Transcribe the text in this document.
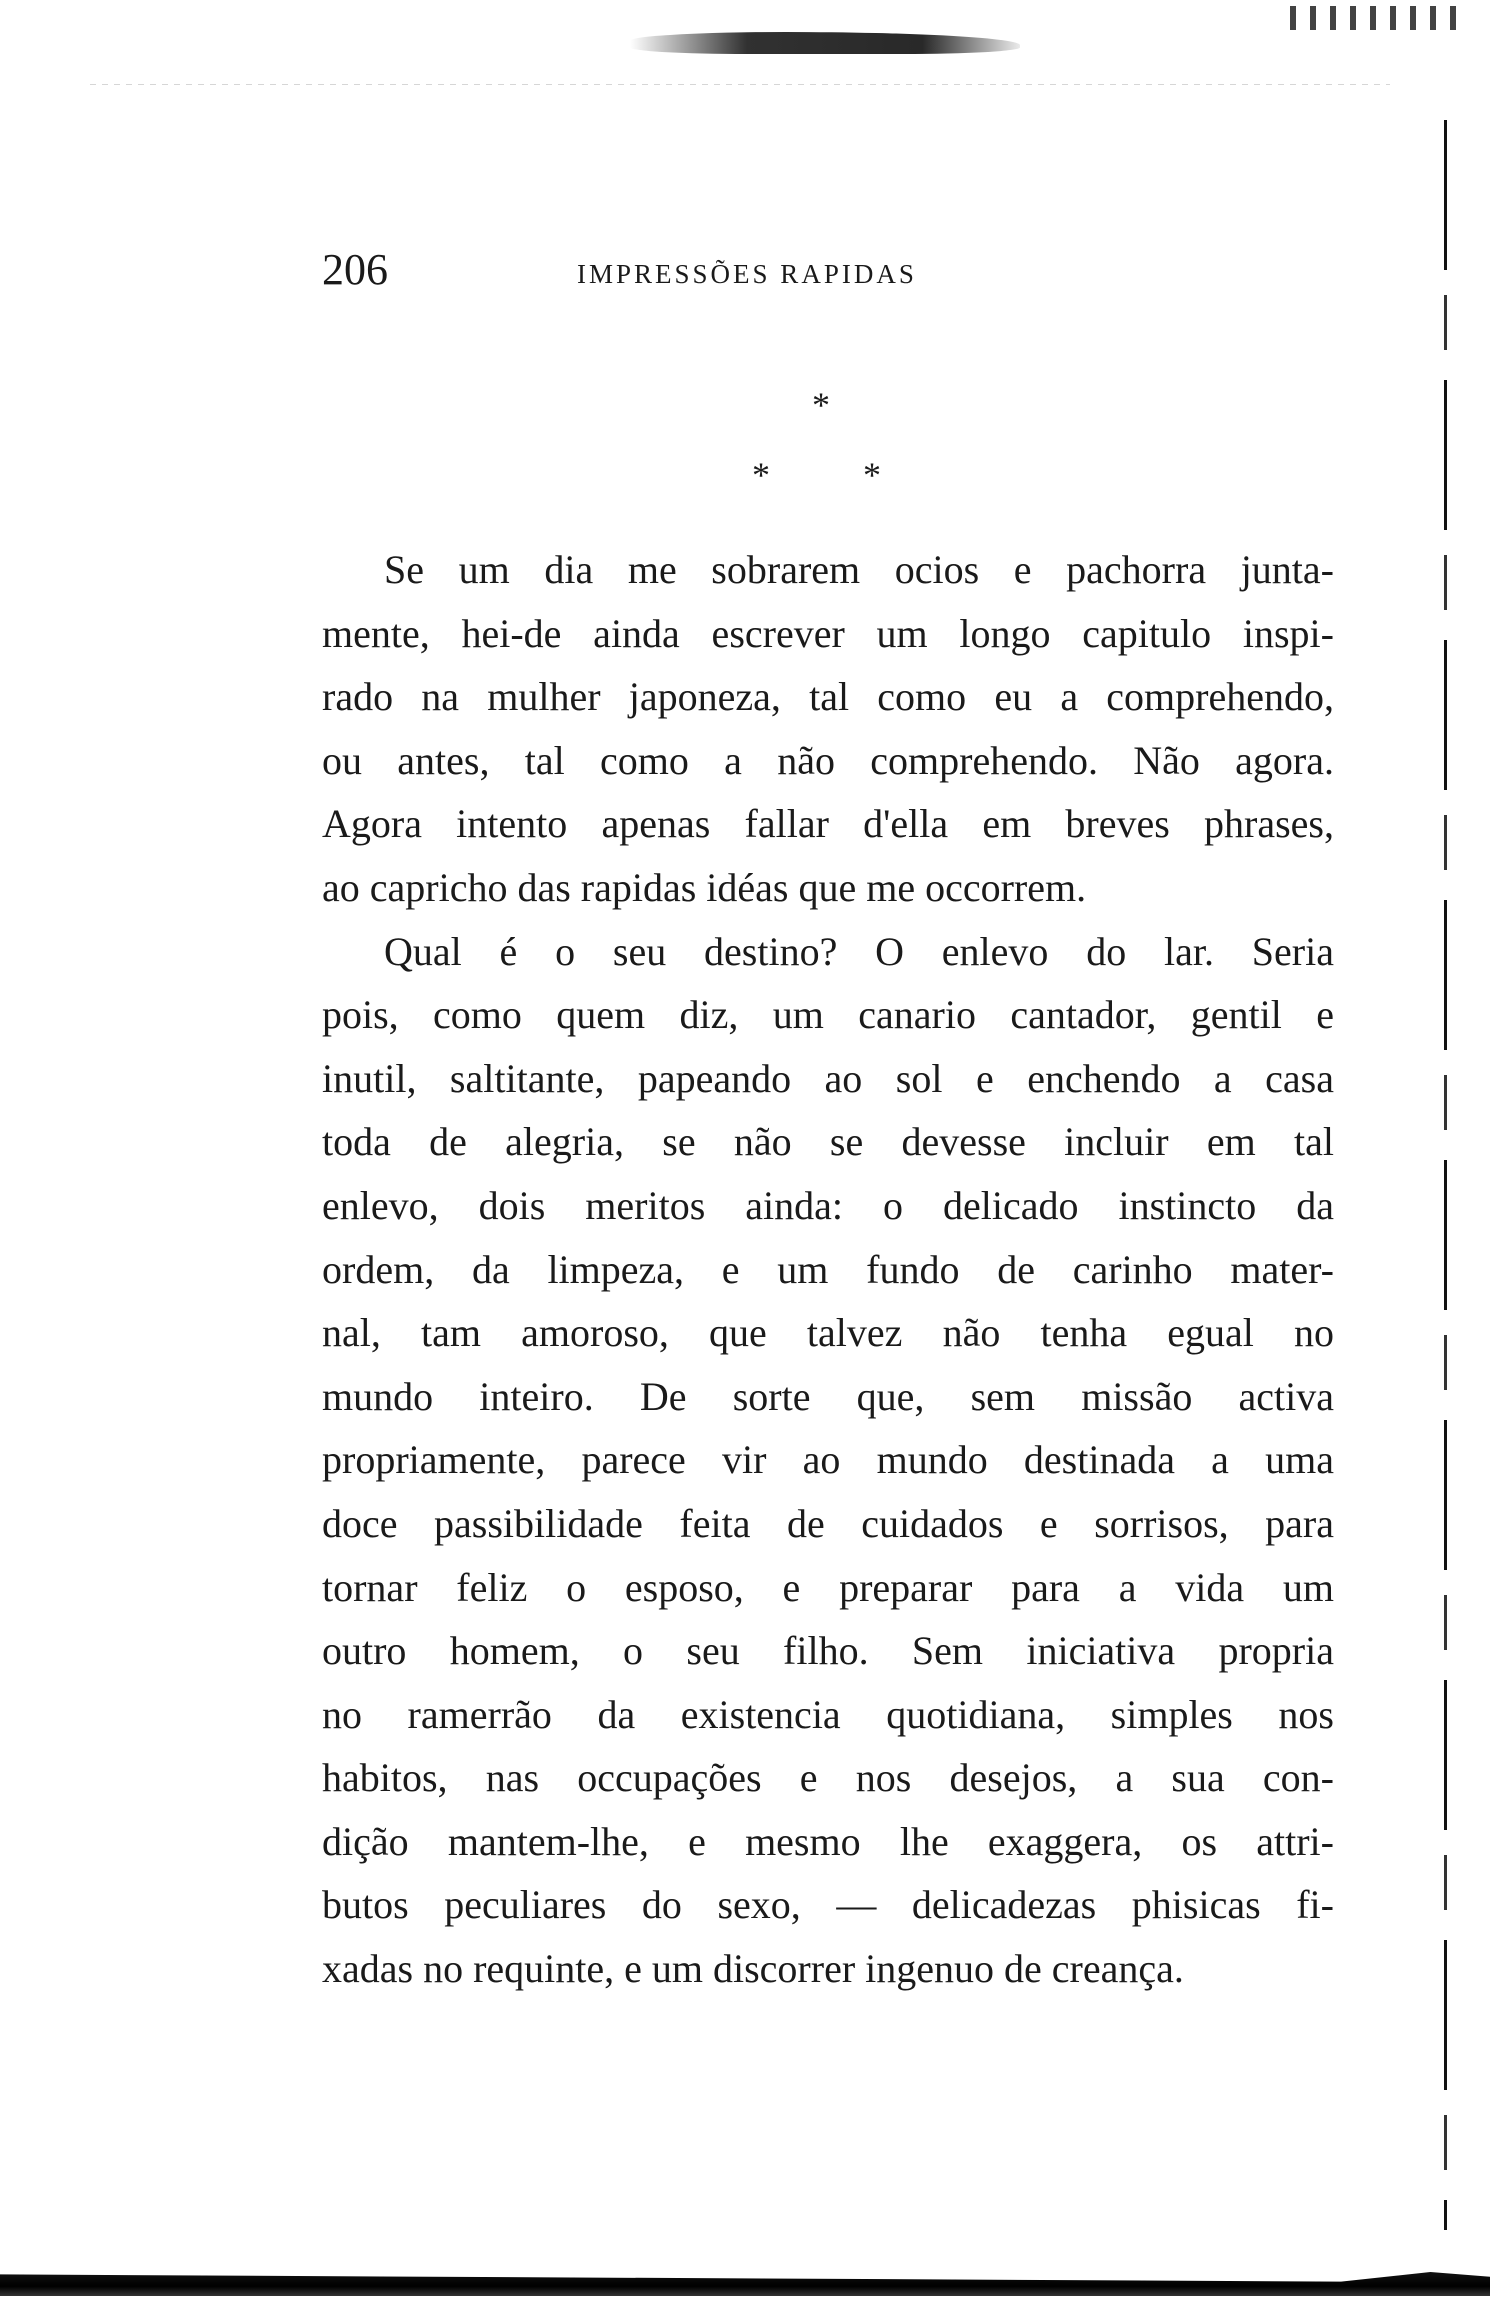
206	IMPRESSÕES RAPIDAS
*
*	*
Se um dia me sobrarem ocios e pachorra junta-
mente, hei-de ainda escrever um longo capitulo inspi-
rado na mulher japoneza, tal como eu a comprehendo,
ou antes, tal como a não comprehendo. Não agora.
Agora intento apenas fallar d'ella em breves phrases,
ao capricho das rapidas idéas que me occorrem.
Qual é o seu destino? O enlevo do lar. Seria
pois, como quem diz, um canario cantador, gentil e
inutil, saltitante, papeando ao sol e enchendo a casa
toda de alegria, se não se devesse incluir em tal
enlevo, dois meritos ainda: o delicado instincto da
ordem, da limpeza, e um fundo de carinho mater-
nal, tam amoroso, que talvez não tenha egual no
mundo inteiro. De sorte que, sem missão activa
propriamente, parece vir ao mundo destinada a uma
doce passibilidade feita de cuidados e sorrisos, para
tornar feliz o esposo, e preparar para a vida um
outro homem, o seu filho. Sem iniciativa propria
no ramerrão da existencia quotidiana, simples nos
habitos, nas occupações e nos desejos, a sua con-
dição mantem-lhe, e mesmo lhe exaggera, os attri-
butos peculiares do sexo, — delicadezas phisicas fi-
xadas no requinte, e um discorrer ingenuo de creança.
